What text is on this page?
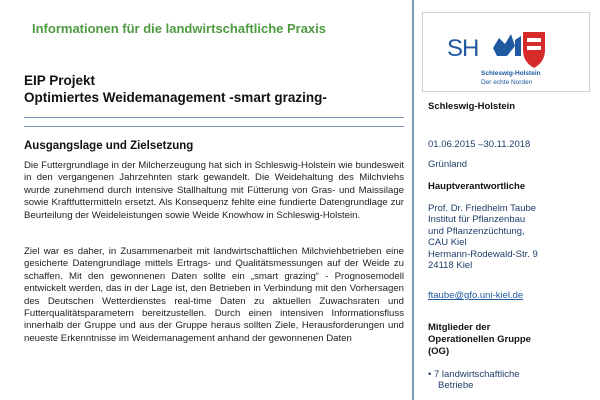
Informationen für die landwirtschaftliche Praxis
EIP Projekt
Optimiertes Weidemanagement -smart grazing-
Ausgangslage und Zielsetzung

Die Futtergrundlage in der Milcherzeugung hat sich in Schleswig-Holstein wie bundesweit in den vergangenen Jahrzehnten stark gewandelt. Die Weidehaltung des Milchviehs wurde zunehmend durch intensive Stallhaltung mit Fütterung von Gras- und Maissilage sowie Kraftfuttermitteln ersetzt. Als Konsequenz fehlte eine fundierte Datengrundlage zur Beurteilung der Weideleistungen sowie Weide Knowhow in Schleswig-Holstein.

Ziel war es daher, in Zusammenarbeit mit landwirtschaftlichen Milchviehbetrieben eine gesicherte Datengrundlage mittels Ertrags- und Qualitätsmessungen auf der Weide zu schaffen. Mit den gewonnenen Daten sollte ein „smart grazing“ - Prognosemodell entwickelt werden, das in der Lage ist, den Betrieben in Verbindung mit den Vorhersagen des Deutschen Wetterdienstes real-time Daten zu aktuellen Zuwachsraten und Futterqualitätsparametern bereitzustellen. Durch einen intensiven Informationsfluss innerhalb der Gruppe und aus der Gruppe heraus sollten Ziele, Herausforderungen und neueste Erkenntnisse im Weidemanagement anhand der gewonnenen Daten

SH
Schleswig-Holstein
Der echte Norden
Schleswig-Holstein
01.06.2015 –30.11.2018
Grünland
Hauptverantwortliche
Prof. Dr. Friedhelm Taube
Institut für Pflanzenbau
und Pflanzenzüchtung,
CAU Kiel
Hermann-Rodewald-Str. 9
24118 Kiel
ftaube@gfo.uni-kiel.de
Mitglieder der
Operationellen Gruppe
(OG)
• 7 landwirtschaftliche
Betriebe
